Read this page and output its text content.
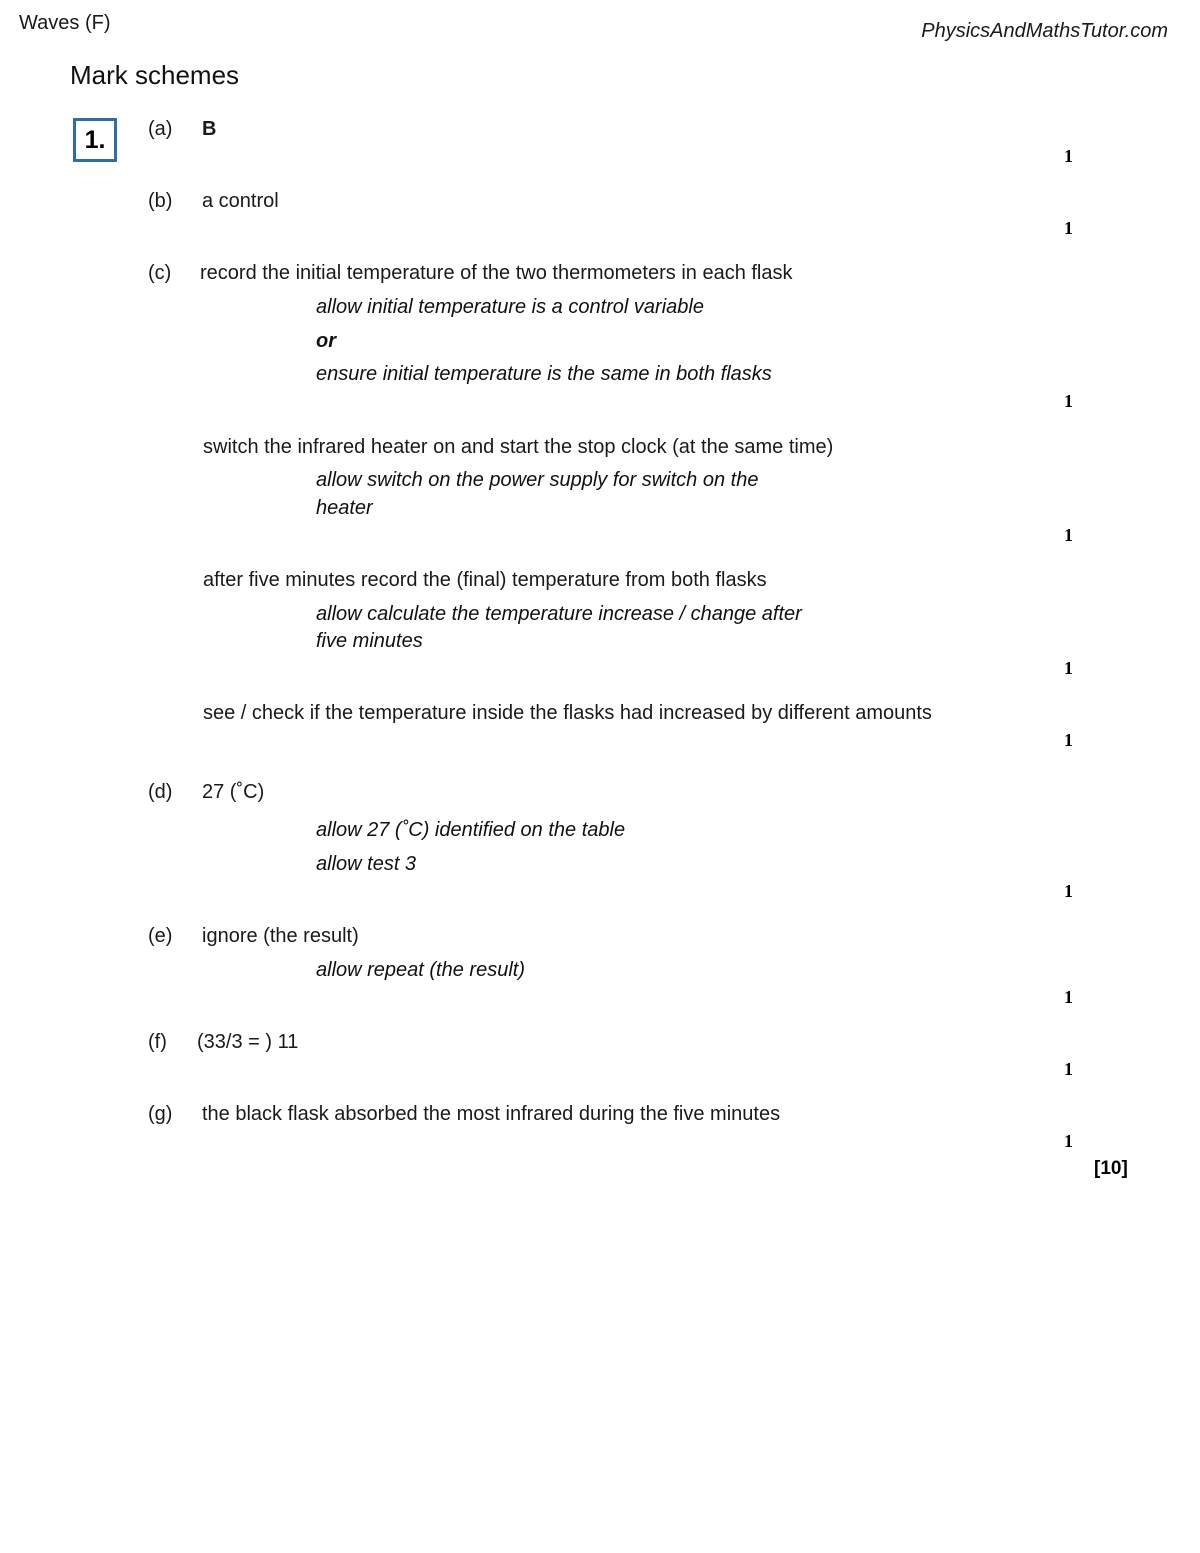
Waves (F)	PhysicsAndMathsTutor.com
Mark schemes
1. (a) B
1
(b) a control
1
(c) record the initial temperature of the two thermometers in each flask
allow initial temperature is a control variable
or
ensure initial temperature is the same in both flasks
1
switch the infrared heater on and start the stop clock (at the same time)
allow switch on the power supply for switch on the
heater
1
after five minutes record the (final) temperature from both flasks
allow calculate the temperature increase / change after
five minutes
1
see / check if the temperature inside the flasks had increased by different amounts
1
(d) 27 (˚C)
allow 27 (˚C) identified on the table
allow test 3
1
(e) ignore (the result)
allow repeat (the result)
1
(f) (33/3 = ) 11
1
(g) the black flask absorbed the most infrared during the five minutes
1
[10]
